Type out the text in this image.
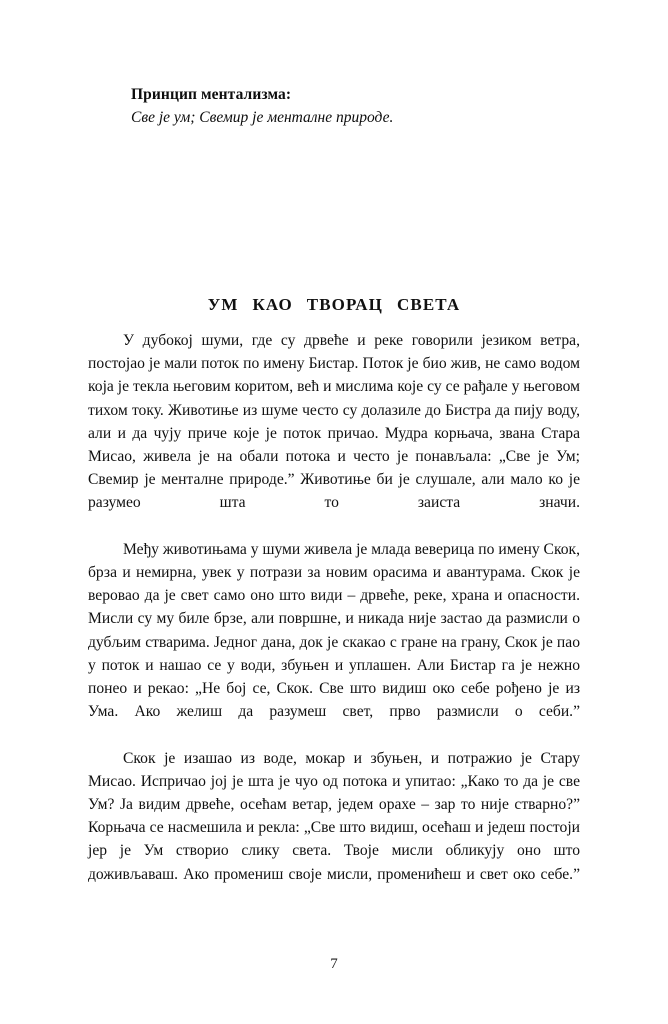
Принцип ментализма:
Све је ум; Свемир је менталне природе.
УМ КАО ТВОРАЦ СВЕТА

У дубокој шуми, где су дрвеће и реке говорили језиком ветра, постојао је мали поток по имену Бистар. Поток је био жив, не само водом која је текла његовим коритом, већ и мислима које су се рађале у његовом тихом току. Животиње из шуме често су долазиле до Бистра да пију воду, али и да чују приче које је поток причао. Мудра корњача, звана Стара Мисао, живела је на обали потока и често је понављала: „Све је Ум; Свемир је менталне природе.” Животиње би је слушале, али мало ко је разумео шта то заиста значи.

Међу животињама у шуми живела је млада веверица по имену Скок, брза и немирна, увек у потрази за новим орасима и авантурама. Скок је веровао да је свет само оно што види – дрвеће, реке, храна и опасности. Мисли су му биле брзе, али површне, и никада није застао да размисли о дубљим стварима. Једног дана, док је скакао с гране на грану, Скок је пао у поток и нашао се у води, збуњен и уплашен. Али Бистар га је нежно понео и рекао: „Не бој се, Скок. Све што видиш око себе рођено је из Ума. Ако желиш да разумеш свет, прво размисли о себи.”

Скок је изашао из воде, мокар и збуњен, и потражио је Стару Мисао. Испричао јој је шта је чуо од потока и упитао: „Како то да је све Ум? Ја видим дрвеће, осећам ветар, једем орахе – зар то није стварно?” Корњача се насмешила и рекла: „Све што видиш, осећаш и једеш постоји јер је Ум створио слику света. Твоје мисли обликују оно што доживљаваш. Ако промениш своје мисли, променићеш и свет око себе.”

7
